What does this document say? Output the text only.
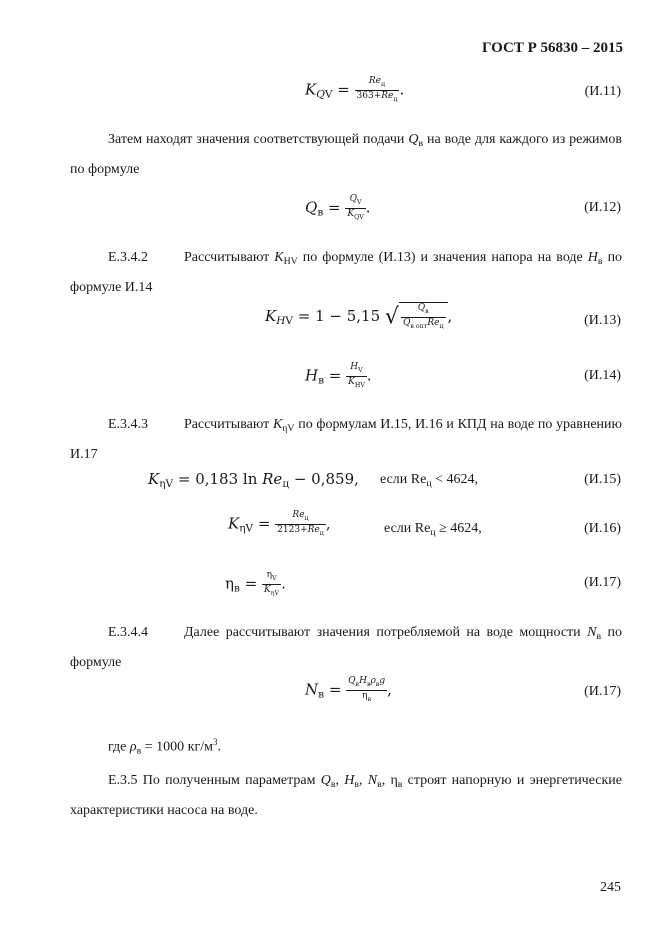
ГОСТ Р 56830 – 2015
$K_{QV} = \frac{Re_ц}{363+Re_ц}$ .	(И.11)
Затем находят значения соответствующей подачи $Q_в$ на воде для каждого из режимов по формуле
$Q_в = \frac{Q_V}{K_{QV}}$ .	(И.12)
Е.3.4.2	Рассчитывают $K_{HV}$ по формуле (И.13) и значения напора на воде $H_в$ по формуле И.14
$K_{HV} = 1 - 5,15$ √ $\frac{Q_в}{Q_{в опт}Re_ц}$ ,	(И.13)
$H_в = \frac{H_V}{K_{HV}}$ .	(И.14)
Е.3.4.3	Рассчитывают $K_{\eta V}$ по формулам И.15, И.16 и КПД на воде по уравнению И.17
$K_{\eta V} = 0,183$ $\ln Re_ц - 0,859$, если $Re_ц < 4624$,	(И.15)
$K_{\eta V} = \frac{Re_ц}{2123+Re_ц}$ ,	если $Re_ц \ge 4624$,	(И.16)
$\eta_в = \frac{\eta_V}{K_{\eta V}}$ .	(И.17)
Е.3.4.4	Далее рассчитывают значения потребляемой на воде мощности $N_в$ по формуле
$N_в = \frac{Q_вH_в\rho_вg}{\eta_в}$ ,	(И.17)
где $\rho_в = 1000$ $кг/м^3$.
Е.3.5 По полученным параметрам $Q_в$, $H_в$, $N_в$, $\eta_в$ строят напорную и энергетические характеристики насоса на воде.
245
